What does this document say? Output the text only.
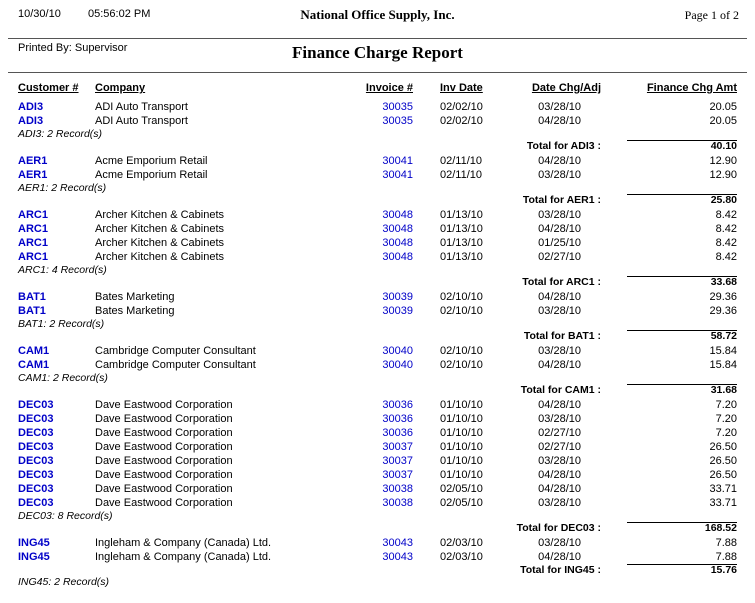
10/30/10 05:56:02 PM	National Office Supply, Inc.	Page 1 of 2
Printed By: Supervisor	Finance Charge Report
Customer #	Company	Invoice #	Inv Date	Date Chg/Adj	Finance Chg Amt
ADI3	ADI Auto Transport	30035	02/02/10	03/28/10	20.05
ADI3	ADI Auto Transport	30035	02/02/10	04/28/10	20.05
ADI3: 2 Record(s)
Total for ADI3 :	40.10
AER1	Acme Emporium Retail	30041	02/11/10	04/28/10	12.90
AER1	Acme Emporium Retail	30041	02/11/10	03/28/10	12.90
AER1: 2 Record(s)
Total for AER1 :	25.80
ARC1	Archer Kitchen & Cabinets	30048	01/13/10	03/28/10	8.42
ARC1	Archer Kitchen & Cabinets	30048	01/13/10	04/28/10	8.42
ARC1	Archer Kitchen & Cabinets	30048	01/13/10	01/25/10	8.42
ARC1	Archer Kitchen & Cabinets	30048	01/13/10	02/27/10	8.42
ARC1: 4 Record(s)
Total for ARC1 :	33.68
BAT1	Bates Marketing	30039	02/10/10	04/28/10	29.36
BAT1	Bates Marketing	30039	02/10/10	03/28/10	29.36
BAT1: 2 Record(s)
Total for BAT1 :	58.72
CAM1	Cambridge Computer Consultant	30040	02/10/10	03/28/10	15.84
CAM1	Cambridge Computer Consultant	30040	02/10/10	04/28/10	15.84
CAM1: 2 Record(s)
Total for CAM1 :	31.68
DEC03	Dave Eastwood Corporation	30036	01/10/10	04/28/10	7.20
DEC03	Dave Eastwood Corporation	30036	01/10/10	03/28/10	7.20
DEC03	Dave Eastwood Corporation	30036	01/10/10	02/27/10	7.20
DEC03	Dave Eastwood Corporation	30037	01/10/10	02/27/10	26.50
DEC03	Dave Eastwood Corporation	30037	01/10/10	03/28/10	26.50
DEC03	Dave Eastwood Corporation	30037	01/10/10	04/28/10	26.50
DEC03	Dave Eastwood Corporation	30038	02/05/10	04/28/10	33.71
DEC03	Dave Eastwood Corporation	30038	02/05/10	03/28/10	33.71
DEC03: 8 Record(s)
Total for DEC03 :	168.52
ING45	Ingleham & Company (Canada) Ltd.	30043	02/03/10	03/28/10	7.88
ING45	Ingleham & Company (Canada) Ltd.	30043	02/03/10	04/28/10	7.88
Total for ING45 :	15.76
ING45: 2 Record(s)
